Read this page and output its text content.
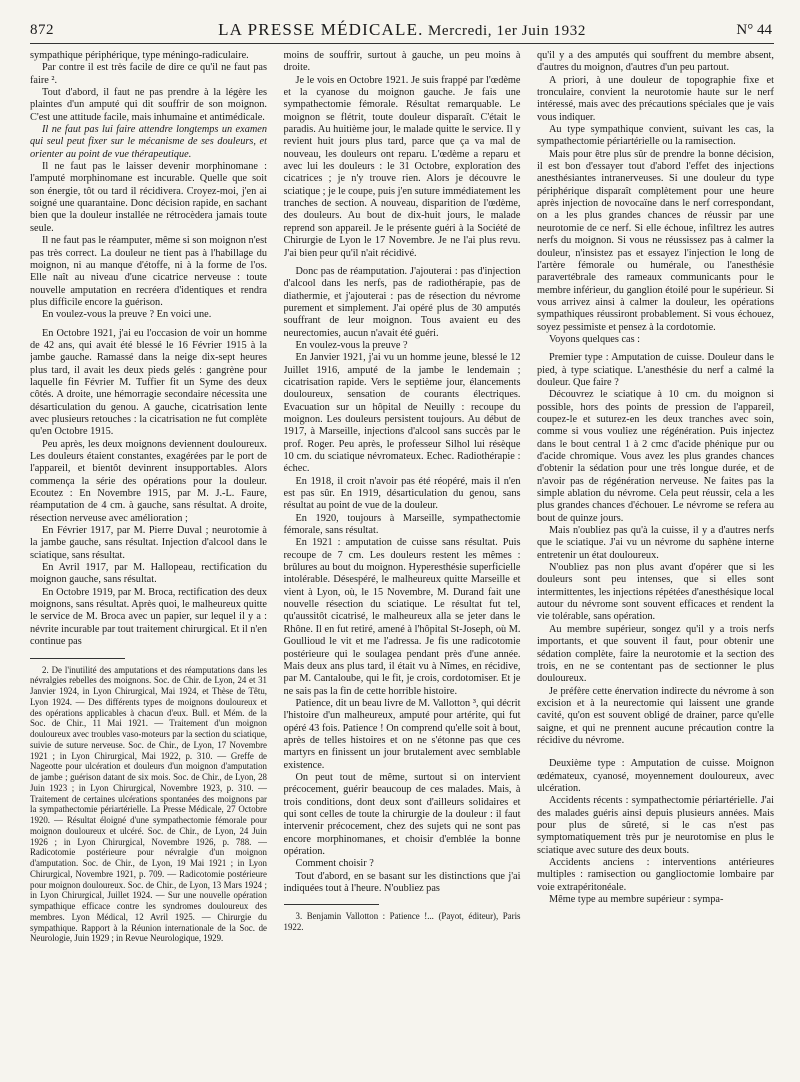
872	LA PRESSE MÉDICALE. Mercredi, 1er Juin 1932	N° 44

sympathique périphérique, type méningo-radiculaire.

Par contre il est très facile de dire ce qu'il ne faut pas faire ².

Tout d'abord, il faut ne pas prendre à la légère les plaintes d'un amputé qui dit souffrir de son moignon. C'est une attitude facile, mais inhumaine et antimédicale.

Il ne faut pas lui faire attendre longtemps un examen qui seul peut fixer sur le mécanisme de ses douleurs, et orienter au point de vue thérapeutique.

Il ne faut pas le laisser devenir morphinomane : l'amputé morphinomane est incurable. Quelle que soit son énergie, tôt ou tard il récidivera. Croyez-moi, j'en ai soigné une quarantaine. Donc décision rapide, en sachant bien que la douleur installée ne rétrocèdera jamais toute seule.

Il ne faut pas le réamputer, même si son moignon n'est pas très correct. La douleur ne tient pas à l'habillage du moignon, ni au manque d'étoffe, ni à la forme de l'os. Elle naît au niveau d'une cicatrice nerveuse : toute nouvelle amputation en recréera d'identiques et rendra plus difficile encore la guérison.

En voulez-vous la preuve ? En voici une.

En Octobre 1921, j'ai eu l'occasion de voir un homme de 42 ans, qui avait été blessé le 16 Février 1915 à la jambe gauche. Ramassé dans la neige dix-sept heures plus tard, il avait les deux pieds gelés : gangrène pour laquelle fin Février M. Tuffier fit un Syme des deux côtés. A droite, une hémorragie secondaire nécessita une désarticulation du genou. A gauche, cicatrisation lente avec plusieurs retouches : la cicatrisation ne fut complète qu'en Octobre 1915.

Peu après, les deux moignons deviennent douloureux. Les douleurs étaient constantes, exagérées par le port de l'appareil, et bientôt devinrent insupportables. Alors commença la série des opérations pour la douleur. Ecoutez : En Novembre 1915, par M. J.-L. Faure, réamputation de 4 cm. à gauche, sans résultat. A droite, résection nerveuse avec amélioration ;

En Février 1917, par M. Pierre Duval ; neurotomie à la jambe gauche, sans résultat. Injection d'alcool dans le sciatique, sans résultat.

En Avril 1917, par M. Hallopeau, rectification du moignon gauche, sans résultat.

En Octobre 1919, par M. Broca, rectification des deux moignons, sans résultat. Après quoi, le malheureux quitte le service de M. Broca avec un papier, sur lequel il y a : névrite incurable par tout traitement chirurgical. Et il n'en continue pas

2. De l'inutilité des amputations et des réamputations dans les névralgies rebelles des moignons. Soc. de Chir. de Lyon, 24 et 31 Janvier 1924, in Lyon Chirurgical, Mai 1924, et Thèse de Têtu, Lyon 1924. — Des différents types de moignons douloureux et des opérations applicables à chacun d'eux. Bull. et Mém. de la Soc. de Chir., 11 Mai 1921. — Traitement d'un moignon douloureux avec troubles vaso-moteurs par la section du sciatique, suivie de suture nerveuse. Soc. de Chir., de Lyon, 17 Novembre 1921 ; in Lyon Chirurgical, Mai 1922, p. 310. — Greffe de Nageotte pour ulcération et douleurs d'un moignon d'amputation de jambe ; guérison datant de six mois. Soc. de Chir., de Lyon, 28 Juin 1923 ; in Lyon Chirurgical, Novembre 1923, p. 310. — Traitement de certaines ulcérations spontanées des moignons par la sympathectomie périartérielle. La Presse Médicale, 27 Octobre 1920. — Résultat éloigné d'une sympathectomie fémorale pour moignon douloureux et ulcéré. Soc. de Chir., de Lyon, 24 Juin 1926 ; in Lyon Chirurgical, Novembre 1926, p. 788. — Radicotomie postérieure pour névralgie d'un moignon d'amputation. Soc. de Chir., de Lyon, 19 Mai 1921 ; in Lyon Chirurgical, Novembre 1921, p. 709. — Radicotomie postérieure pour moignon douloureux. Soc. de Chir., de Lyon, 13 Mars 1924 ; in Lyon Chirurgical, Juillet 1924. — Sur une nouvelle opération sympathique efficace contre les syndromes douloureux des membres. Lyon Médical, 12 Avril 1925. — Chirurgie du sympathique. Rapport à la Réunion internationale de la Soc. de Neurologie, Juin 1929 ; in Revue Neurologique, 1929.

moins de souffrir, surtout à gauche, un peu moins à droite.

Je le vois en Octobre 1921. Je suis frappé par l'œdème et la cyanose du moignon gauche. Je fais une sympathectomie fémorale. Résultat remarquable. Le moignon se flétrit, toute douleur disparaît. C'était le paradis. Au huitième jour, le malade quitte le service. Il y revient huit jours plus tard, parce que ça va mal de nouveau, les douleurs ont reparu. L'œdème a reparu et avec lui les douleurs : le 31 Octobre, exploration des cicatrices ; je n'y trouve rien. Alors je découvre le sciatique ; je le coupe, puis j'en suture immédiatement les tranches de section. A nouveau, disparition de l'œdème, des douleurs. Au bout de dix-huit jours, le malade reprend son appareil. Je le présente guéri à la Société de Chirurgie de Lyon le 17 Novembre. Je ne l'ai plus revu. J'ai bien peur qu'il n'ait récidivé.

Donc pas de réamputation. J'ajouterai : pas d'injection d'alcool dans les nerfs, pas de radiothérapie, pas de diathermie, et j'ajouterai : pas de résection du névrome purement et simplement. J'ai opéré plus de 30 amputés souffrant de leur moignon. Tous avaient eu des neurectomies, aucun n'avait été guéri.

En voulez-vous la preuve ?

En Janvier 1921, j'ai vu un homme jeune, blessé le 12 Juillet 1916, amputé de la jambe le lendemain ; cicatrisation rapide. Vers le septième jour, élancements douloureux, sensation de courants électriques. Evacuation sur un hôpital de Neuilly : recoupe du moignon. Les douleurs persistent toujours. Au début de 1917, à Marseille, injections d'alcool sans succès par le prof. Roger. Peu après, le professeur Silhol lui résèque 10 cm. du sciatique névromateux. Echec. Radiothérapie : échec.

En 1918, il croit n'avoir pas été réopéré, mais il n'en est pas sûr. En 1919, désarticulation du genou, sans résultat au point de vue de la douleur.

En 1920, toujours à Marseille, sympathectomie fémorale, sans résultat.

En 1921 : amputation de cuisse sans résultat. Puis recoupe de 7 cm. Les douleurs restent les mêmes : brûlures au bout du moignon. Hyperesthésie superficielle intolérable. Désespéré, le malheureux quitte Marseille et vient à Lyon, où, le 15 Novembre, M. Durand fait une nouvelle résection du sciatique. Le résultat fut tel, qu'aussitôt cicatrisé, le malheureux alla se jeter dans le Rhône. Il en fut retiré, amené à l'hôpital St-Joseph, où M. Goullioud le vit et me l'adressa. Je fis une radicotomie postérieure qui le soulagea pendant près d'une année. Mais deux ans plus tard, il était vu à Nîmes, en récidive, par M. Cantaloube, qui le fit, je crois, cordotomiser. Et je ne sais pas la fin de cette horrible histoire.

Patience, dit un beau livre de M. Vallotton ³, qui décrit l'histoire d'un malheureux, amputé pour artérite, qui fut opéré 43 fois. Patience ! On comprend qu'elle soit à bout, après de telles histoires et on ne s'étonne pas que ces martyrs en finissent un jour brutalement avec semblable existence.

On peut tout de même, surtout si on intervient précocement, guérir beaucoup de ces malades. Mais, à trois conditions, dont deux sont d'ailleurs solidaires et qui sont celles de toute la chirurgie de la douleur : il faut intervenir précocement, chez des sujets qui ne sont pas encore morphinomanes, et choisir d'emblée la bonne opération.

Comment choisir ?

Tout d'abord, en se basant sur les distinctions que j'ai indiquées tout à l'heure. N'oubliez pas

3. Benjamin Vallotton : Patience !... (Payot, éditeur), Paris 1922.

qu'il y a des amputés qui souffrent du membre absent, d'autres du moignon, d'autres d'un peu partout.

A priori, à une douleur de topographie fixe et tronculaire, convient la neurotomie haute sur le nerf intéressé, mais avec des précautions spéciales que je vais vous indiquer.

Au type sympathique convient, suivant les cas, la sympathectomie périartérielle ou la ramisection.

Mais pour être plus sûr de prendre la bonne décision, il est bon d'essayer tout d'abord l'effet des injections anesthésiantes intranerveuses. Si une douleur du type périphérique disparaît complètement pour une heure après injection de novocaïne dans le nerf correspondant, on a les plus grandes chances de réussir par une neurotomie de ce nerf. Si elle échoue, infiltrez les autres nerfs du moignon. Si vous ne réussissez pas à calmer la douleur, n'insistez pas et essayez l'injection le long de l'artère fémorale ou humérale, ou l'anesthésie paravertébrale des rameaux communicants pour le membre inférieur, du ganglion étoilé pour le supérieur. Si vous arrivez ainsi à calmer la douleur, les opérations sympathiques réussiront probablement. Si vous échouez, soyez pessimiste et pensez à la cordotomie.

Voyons quelques cas :

Premier type : Amputation de cuisse. Douleur dans le pied, à type sciatique. L'anesthésie du nerf a calmé la douleur. Que faire ?

Découvrez le sciatique à 10 cm. du moignon si possible, hors des points de pression de l'appareil, coupez-le et suturez-en les deux tranches avec soin, comme si vous vouliez une régénération. Puis injectez dans le bout central 1 à 2 cmc d'acide phénique pur ou d'acide chromique. Vous avez les plus grandes chances d'obtenir la sédation pour une très longue durée, et de n'avoir pas de régénération nerveuse. Ne faites pas la simple ablation du névrome. Cela peut réussir, cela a les plus grandes chances d'échouer. Le névrome se refera au bout de quinze jours.

Mais n'oubliez pas qu'à la cuisse, il y a d'autres nerfs que le sciatique. J'ai vu un névrome du saphène interne entretenir un état douloureux.

N'oubliez pas non plus avant d'opérer que si les douleurs sont peu intenses, que si elles sont intermittentes, les injections répétées d'anesthésique local autour du névrome sont souvent efficaces et rendent la vie tolérable, sans opération.

Au membre supérieur, songez qu'il y a trois nerfs importants, et que souvent il faut, pour obtenir une sédation complète, faire la neurotomie et la section des trois, en ne se contentant pas de sectionner le plus douloureux.

Je préfère cette énervation indirecte du névrome à son excision et à la neurectomie qui laissent une grande cavité, qu'on est souvent obligé de drainer, parce qu'elle saigne, et qui ne prennent aucune précaution contre la récidive du névrome.

Deuxième type : Amputation de cuisse. Moignon œdémateux, cyanosé, moyennement douloureux, avec ulcération.

Accidents récents : sympathectomie périartérielle. J'ai des malades guéris ainsi depuis plusieurs années. Mais pour plus de sûreté, si le cas n'est pas symptomatiquement très pur je neurotomise en plus le sciatique avec suture des deux bouts.

Accidents anciens : interventions antérieures multiples : ramisection ou ganglioctomie lombaire par voie extrapéritonéale.

Même type au membre supérieur : sympa-
